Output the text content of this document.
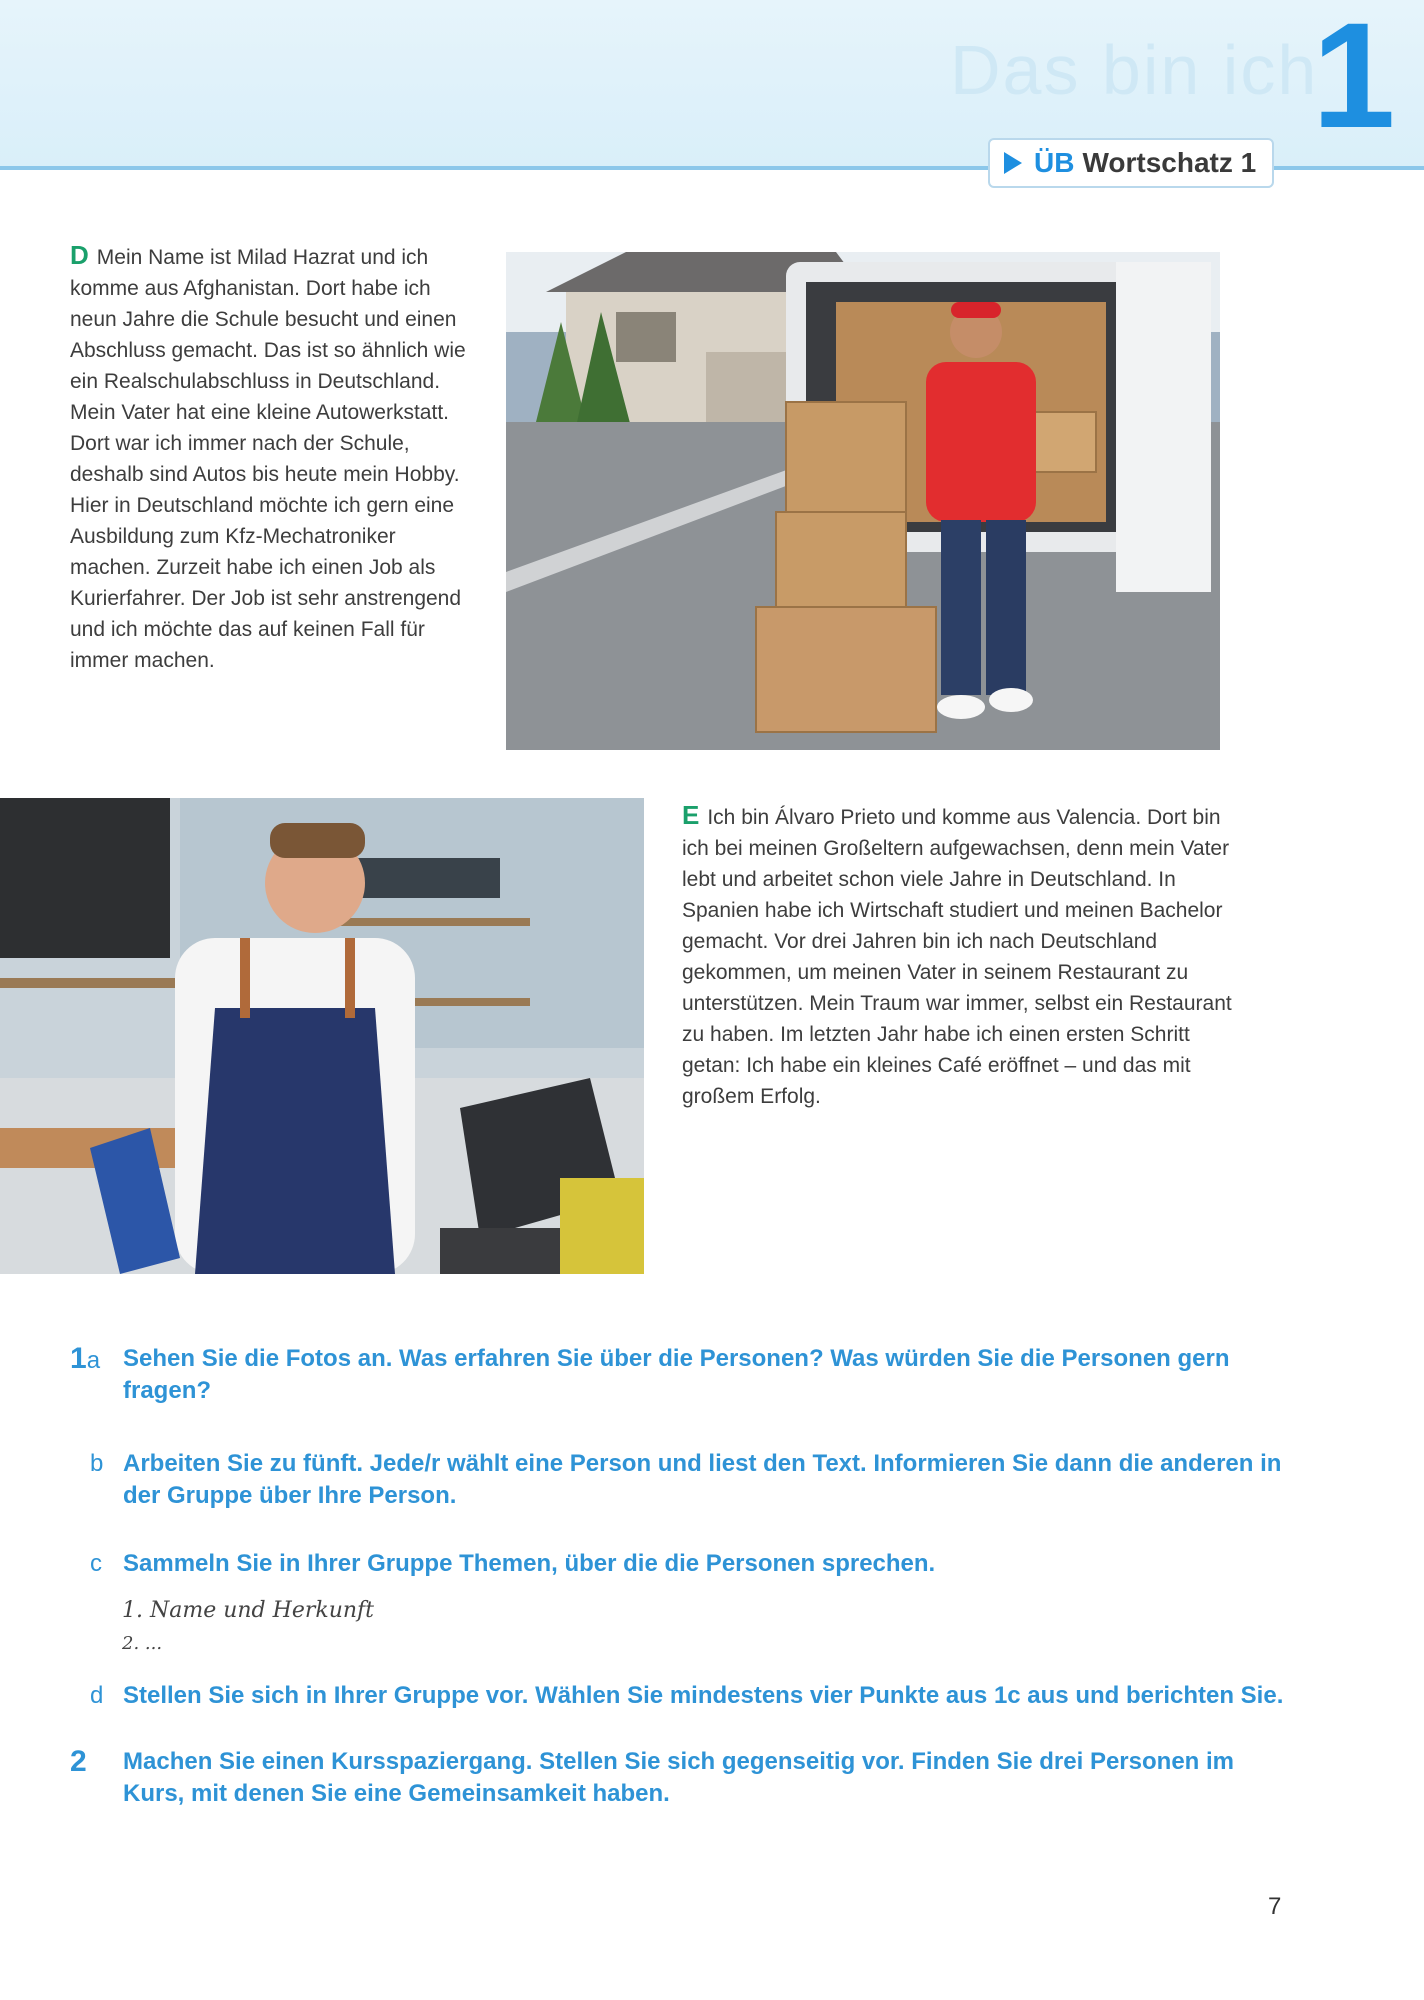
Das bin ich
1
ÜB Wortschatz 1
D Mein Name ist Milad Hazrat und ich komme aus Afghanistan. Dort habe ich neun Jahre die Schule besucht und einen Abschluss gemacht. Das ist so ähnlich wie ein Realschulabschluss in Deutschland. Mein Vater hat eine kleine Autowerkstatt. Dort war ich immer nach der Schule, deshalb sind Autos bis heute mein Hobby. Hier in Deutschland möchte ich gern eine Ausbildung zum Kfz-Mechatroniker machen. Zurzeit habe ich einen Job als Kurierfahrer. Der Job ist sehr anstrengend und ich möchte das auf keinen Fall für immer machen.
E Ich bin Álvaro Prieto und komme aus Valencia. Dort bin ich bei meinen Großeltern aufgewachsen, denn mein Vater lebt und arbeitet schon viele Jahre in Deutschland. In Spanien habe ich Wirtschaft studiert und meinen Bachelor gemacht. Vor drei Jahren bin ich nach Deutschland gekommen, um meinen Vater in seinem Restaurant zu unterstützen. Mein Traum war immer, selbst ein Restaurant zu haben. Im letzten Jahr habe ich einen ersten Schritt getan: Ich habe ein kleines Café eröffnet – und das mit großem Erfolg.
1a Sehen Sie die Fotos an. Was erfahren Sie über die Personen? Was würden Sie die Personen gern fragen?
b Arbeiten Sie zu fünft. Jede/r wählt eine Person und liest den Text. Informieren Sie dann die anderen in der Gruppe über Ihre Person.
c Sammeln Sie in Ihrer Gruppe Themen, über die die Personen sprechen.
1. Name und Herkunft
2. ...
d Stellen Sie sich in Ihrer Gruppe vor. Wählen Sie mindestens vier Punkte aus 1c aus und berichten Sie.
2	Machen Sie einen Kursspaziergang. Stellen Sie sich gegenseitig vor. Finden Sie drei Personen im Kurs, mit denen Sie eine Gemeinsamkeit haben.
7
